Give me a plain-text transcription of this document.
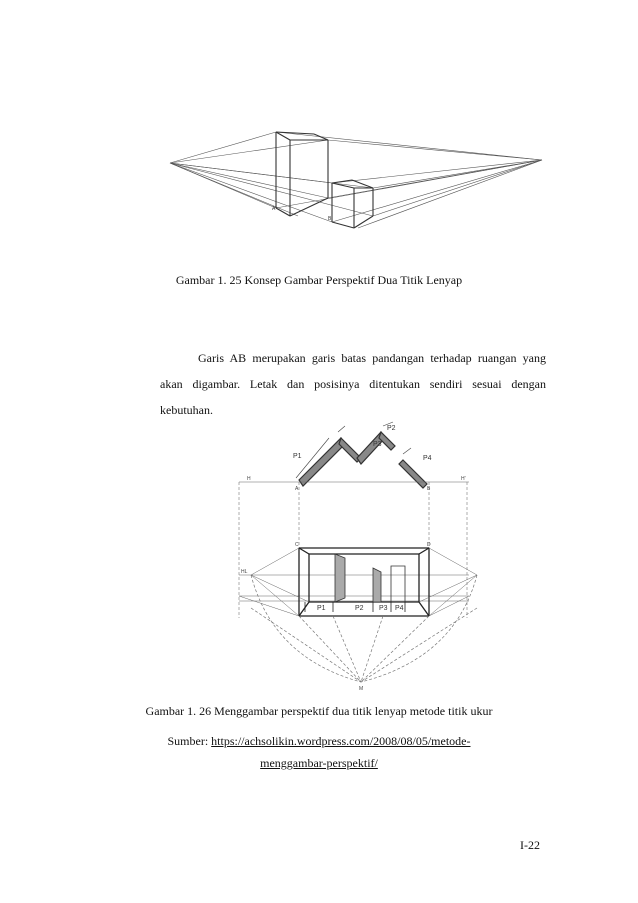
A
B
Gambar 1. 25 Konsep Gambar Perspektif Dua Titik Lenyap

Garis AB merupakan garis batas pandangan terhadap ruangan yang

akan digambar. Letak dan posisinya ditentukan sendiri sesuai dengan

kebutuhan.

P1
P2
P3
P4
P1	P2 P3 P4
A	B
C	D
M
H	H'
HL
Gambar 1. 26 Menggambar perspektif dua titik lenyap metode titik ukur
Sumber: https://achsolikin.wordpress.com/2008/08/05/metode-
menggambar-perspektif/
I-22
